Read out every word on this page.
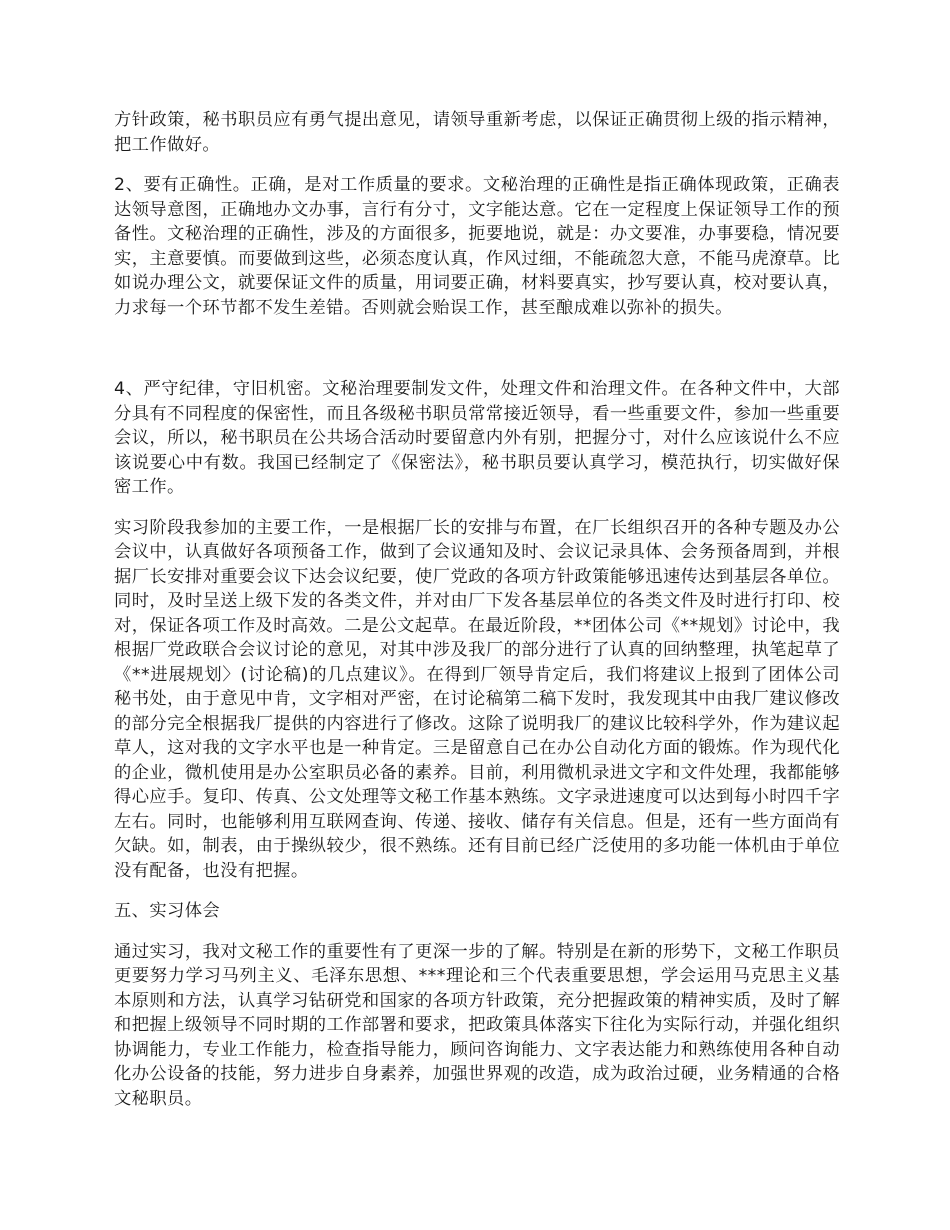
方针政策，秘书职员应有勇气提出意见，请领导重新考虑，以保证正确贯彻上级的指示精神，把工作做好。

2、要有正确性。正确，是对工作质量的要求。文秘治理的正确性是指正确体现政策，正确表达领导意图，正确地办文办事，言行有分寸，文字能达意。它在一定程度上保证领导工作的预备性。文秘治理的正确性，涉及的方面很多，扼要地说，就是：办文要准，办事要稳，情况要实，主意要慎。而要做到这些，必须态度认真，作风过细，不能疏忽大意，不能马虎潦草。比如说办理公文，就要保证文件的质量，用词要正确，材料要真实，抄写要认真，校对要认真，力求每一个环节都不发生差错。否则就会贻误工作，甚至酿成难以弥补的损失。

4、严守纪律，守旧机密。文秘治理要制发文件，处理文件和治理文件。在各种文件中，大部分具有不同程度的保密性，而且各级秘书职员常常接近领导，看一些重要文件，参加一些重要会议，所以，秘书职员在公共场合活动时要留意内外有别，把握分寸，对什么应该说什么不应该说要心中有数。我国已经制定了《保密法》，秘书职员要认真学习，模范执行，切实做好保密工作。

实习阶段我参加的主要工作，一是根据厂长的安排与布置，在厂长组织召开的各种专题及办公会议中，认真做好各项预备工作，做到了会议通知及时、会议记录具体、会务预备周到，并根据厂长安排对重要会议下达会议纪要，使厂党政的各项方针政策能够迅速传达到基层各单位。同时，及时呈送上级下发的各类文件，并对由厂下发各基层单位的各类文件及时进行打印、校对，保证各项工作及时高效。二是公文起草。在最近阶段，**团体公司《**规划》讨论中，我根据厂党政联合会议讨论的意见，对其中涉及我厂的部分进行了认真的回纳整理，执笔起草了《**进展规划〉(讨论稿)的几点建议》。在得到厂领导肯定后，我们将建议上报到了团体公司秘书处，由于意见中肯，文字相对严密，在讨论稿第二稿下发时，我发现其中由我厂建议修改的部分完全根据我厂提供的内容进行了修改。这除了说明我厂的建议比较科学外，作为建议起草人，这对我的文字水平也是一种肯定。三是留意自己在办公自动化方面的锻炼。作为现代化的企业，微机使用是办公室职员必备的素养。目前，利用微机录进文字和文件处理，我都能够得心应手。复印、传真、公文处理等文秘工作基本熟练。文字录进速度可以达到每小时四千字左右。同时，也能够利用互联网查询、传递、接收、储存有关信息。但是，还有一些方面尚有欠缺。如，制表，由于操纵较少，很不熟练。还有目前已经广泛使用的多功能一体机由于单位没有配备，也没有把握。

五、实习体会

通过实习，我对文秘工作的重要性有了更深一步的了解。特别是在新的形势下，文秘工作职员更要努力学习马列主义、毛泽东思想、***理论和三个代表重要思想，学会运用马克思主义基本原则和方法，认真学习钻研党和国家的各项方针政策，充分把握政策的精神实质，及时了解和把握上级领导不同时期的工作部署和要求，把政策具体落实下往化为实际行动，并强化组织协调能力，专业工作能力，检查指导能力，顾问咨询能力、文字表达能力和熟练使用各种自动化办公设备的技能，努力进步自身素养，加强世界观的改造，成为政治过硬，业务精通的合格文秘职员。
